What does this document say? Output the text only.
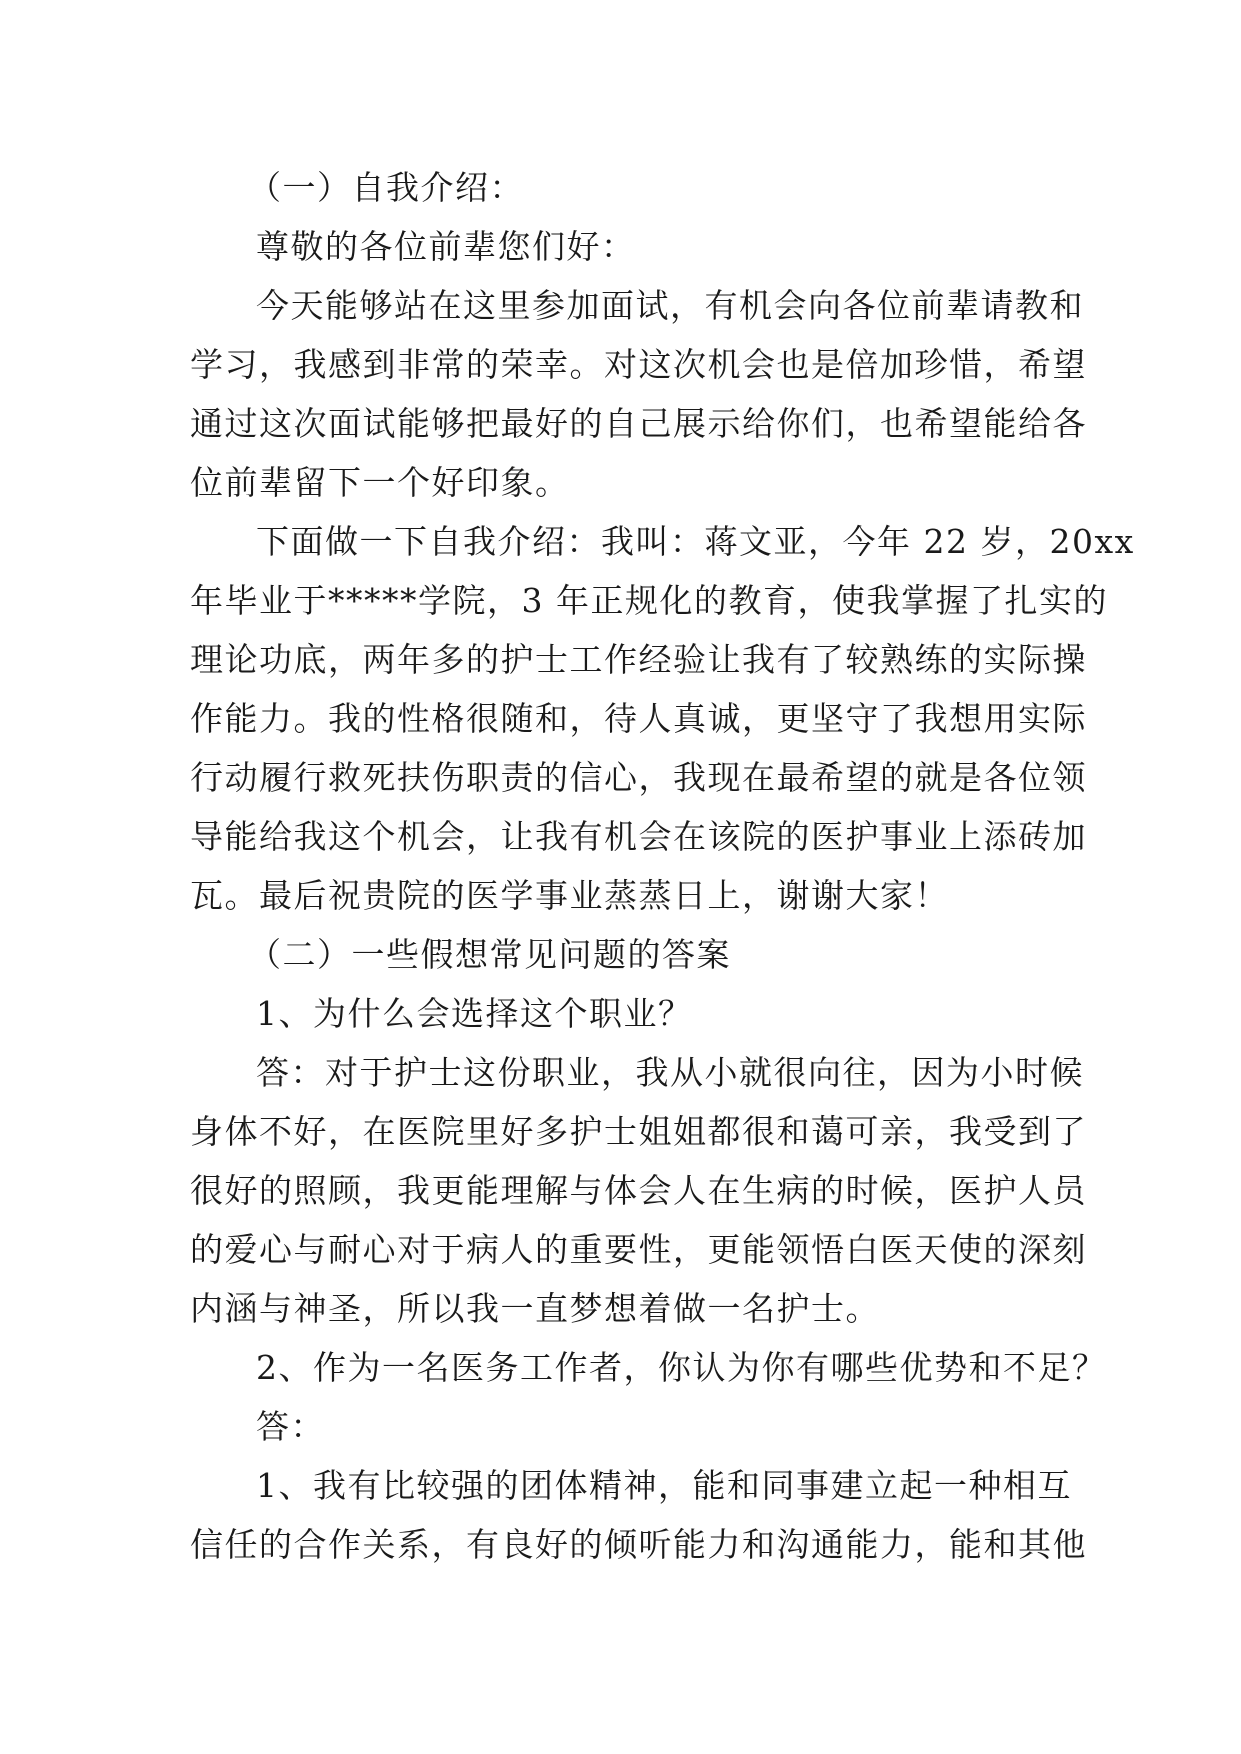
（一）自我介绍：
尊敬的各位前辈您们好：
今天能够站在这里参加面试，有机会向各位前辈请教和
学习，我感到非常的荣幸。对这次机会也是倍加珍惜，希望
通过这次面试能够把最好的自己展示给你们，也希望能给各
位前辈留下一个好印象。
下面做一下自我介绍：我叫：蒋文亚，今年 22 岁，20xx
年毕业于*****学院，3 年正规化的教育，使我掌握了扎实的
理论功底，两年多的护士工作经验让我有了较熟练的实际操
作能力。我的性格很随和，待人真诚，更坚守了我想用实际
行动履行救死扶伤职责的信心，我现在最希望的就是各位领
导能给我这个机会，让我有机会在该院的医护事业上添砖加
瓦。最后祝贵院的医学事业蒸蒸日上，谢谢大家！
（二）一些假想常见问题的答案
1、为什么会选择这个职业？
答：对于护士这份职业，我从小就很向往，因为小时候
身体不好，在医院里好多护士姐姐都很和蔼可亲，我受到了
很好的照顾，我更能理解与体会人在生病的时候，医护人员
的爱心与耐心对于病人的重要性，更能领悟白医天使的深刻
内涵与神圣，所以我一直梦想着做一名护士。
2、作为一名医务工作者，你认为你有哪些优势和不足？
答：
1、我有比较强的团体精神，能和同事建立起一种相互
信任的合作关系，有良好的倾听能力和沟通能力，能和其他
